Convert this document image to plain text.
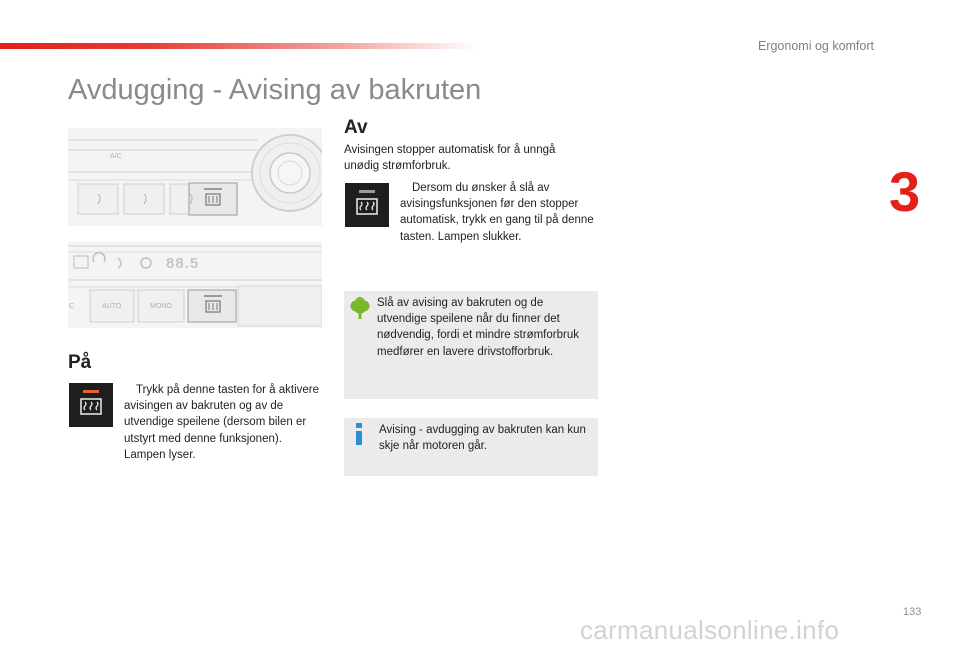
Ergonomi og komfort
3
Avdugging - Avising av bakruten
A/C
88.5
C	AUTO	MONO
På
Trykk på denne tasten for å aktivere avisingen av bakruten og av de utvendige speilene (dersom bilen er utstyrt med denne funksjonen). Lampen lyser.
Av
Avisingen stopper automatisk for å unngå unødig strømforbruk.
Dersom du ønsker å slå av avisingsfunksjonen før den stopper automatisk, trykk en gang til på denne tasten. Lampen slukker.
Slå av avising av bakruten og de utvendige speilene når du finner det nødvendig, fordi et mindre strømforbruk medfører en lavere drivstofforbruk.
Avising - avdugging av bakruten kan kun skje når motoren går.
133
carmanualsonline.info
